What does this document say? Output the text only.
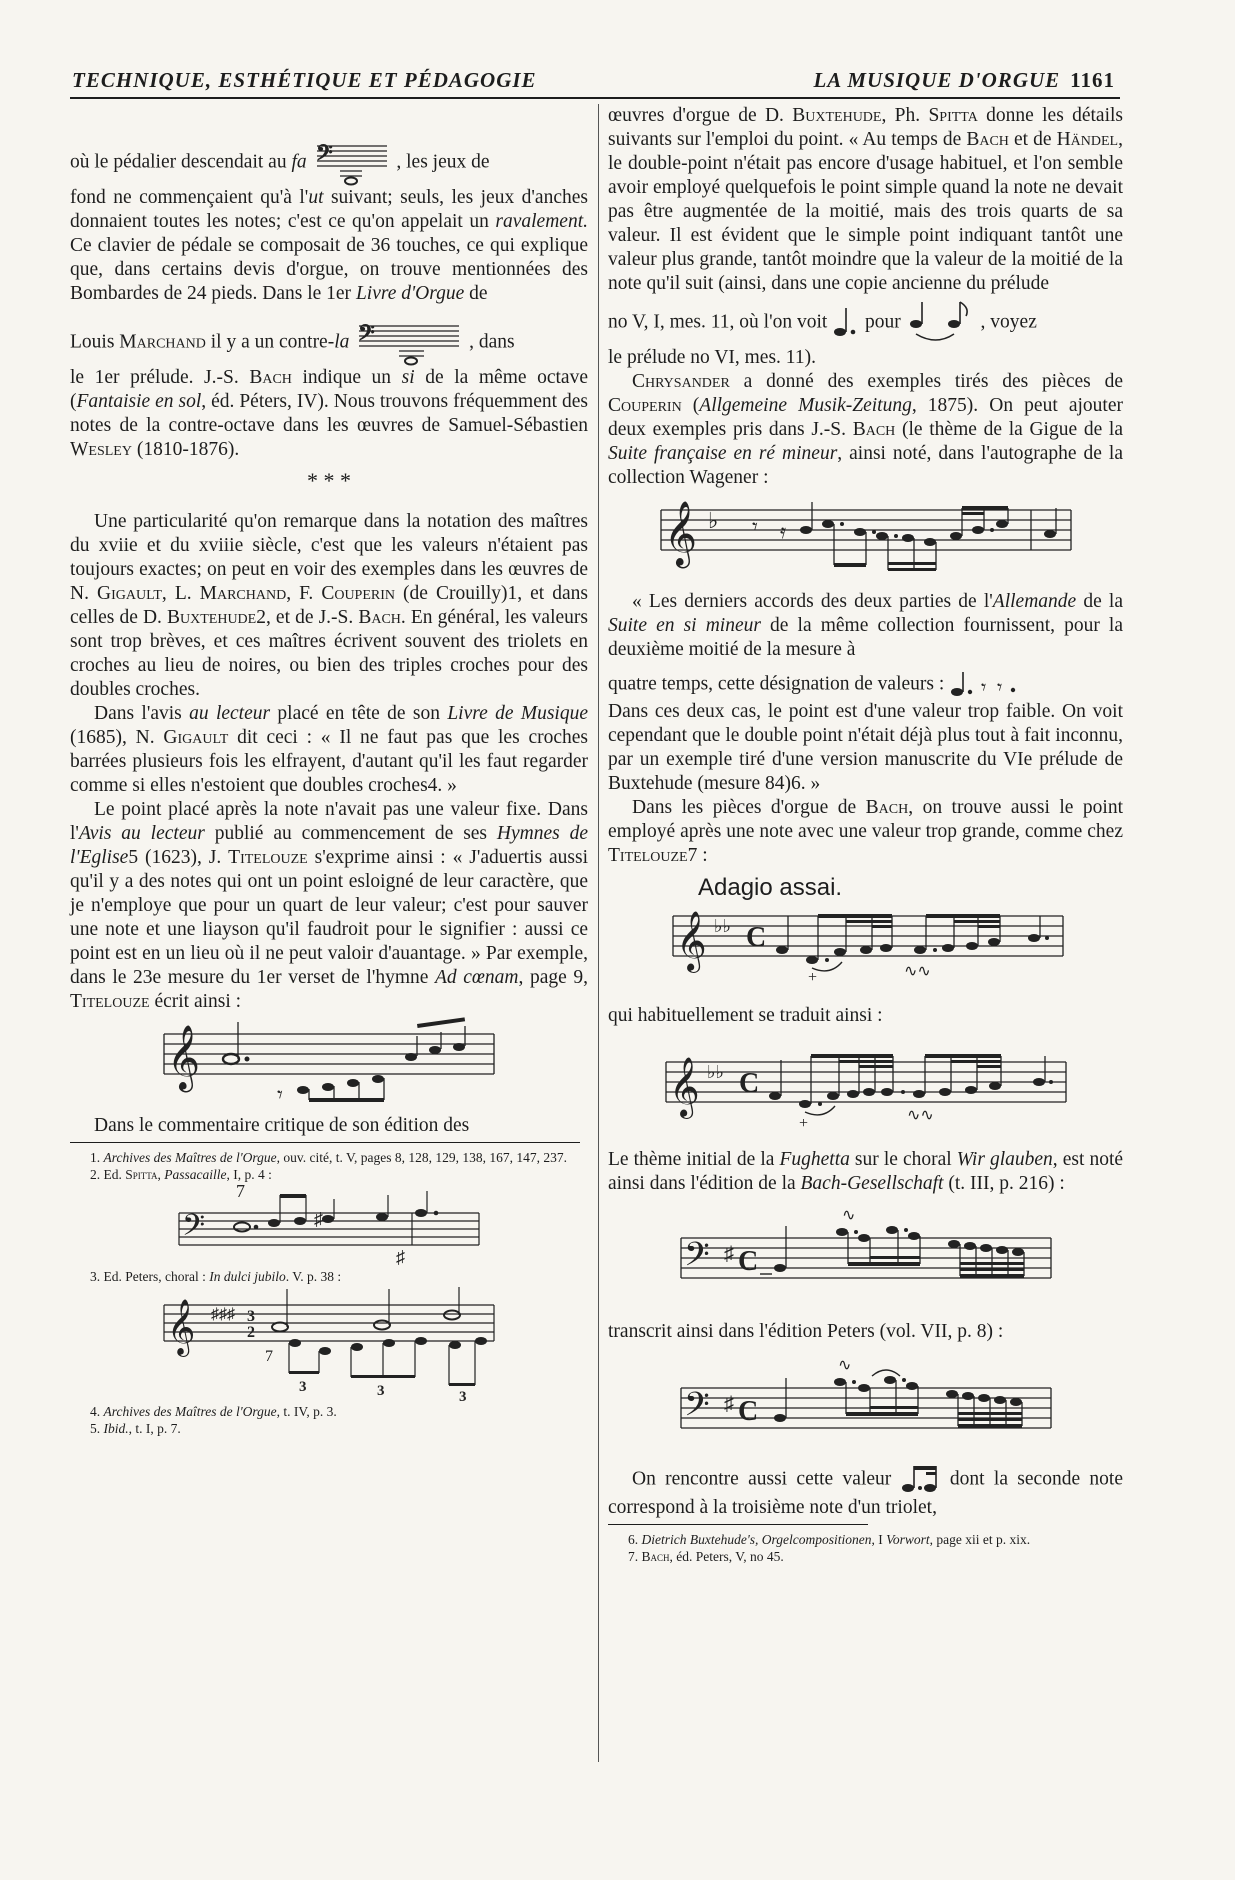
TECHNIQUE, ESTHÉTIQUE ET PÉDAGOGIE	LA MUSIQUE D'ORGUE 1161

où le pédalier descendait au fa 𝄢	, les jeux de

fond ne commençaient qu'à l'ut suivant; seuls, les jeux d'anches donnaient toutes les notes; c'est ce qu'on appelait un ravalement. Ce clavier de pédale se composait de 36 touches, ce qui explique que, dans certains devis d'orgue, on trouve mentionnées des Bombardes de 24 pieds. Dans le 1er Livre d'Orgue de

Louis Marchand il y a un contre-la 𝄢	, dans

le 1er prélude. J.-S. Bach indique un si de la même octave (Fantaisie en sol, éd. Péters, IV). Nous trouvons fréquemment des notes de la contre-octave dans les œuvres de Samuel-Sébastien Wesley (1810-1876).

* * *

Une particularité qu'on remarque dans la notation des maîtres du xviie et du xviiie siècle, c'est que les valeurs n'étaient pas toujours exactes; on peut en voir des exemples dans les œuvres de N. Gigault, L. Marchand, F. Couperin (de Crouilly)1, et dans celles de D. Buxtehude2, et de J.-S. Bach. En général, les valeurs sont trop brèves, et ces maîtres écrivent souvent des triolets en croches au lieu de noires, ou bien des triples croches pour des doubles croches.

Dans l'avis au lecteur placé en tête de son Livre de Musique (1685), N. Gigault dit ceci : « Il ne faut pas que les croches barrées plusieurs fois les elfrayent, d'autant qu'il les faut regarder comme si elles n'estoient que doubles croches4. »

Le point placé après la note n'avait pas une valeur fixe. Dans l'Avis au lecteur publié au commencement de ses Hymnes de l'Eglise5 (1623), J. Titelouze s'exprime ainsi : « J'aduertis aussi qu'il y a des notes qui ont un point esloigné de leur caractère, que je n'employe que pour un quart de leur valeur; c'est pour sauver une note et une liayson qu'il faudroit pour le signifier : aussi ce point est en un lieu où il ne peut valoir d'auantage. » Par exemple, dans le 23e mesure du 1er verset de l'hymne Ad cœnam, page 9, Titelouze écrit ainsi :

𝄞
𝄾

Dans le commentaire critique de son édition des

1. Archives des Maîtres de l'Orgue, ouv. cité, t. V, pages 8, 128, 129, 138, 167, 147, 237.

2. Ed. Spitta, Passacaille, I, p. 4 :

𝄢
7
♯
♯

3. Ed. Peters, choral : In dulci jubilo. V. p. 38 :

𝄞 ♯♯♯ 3
2
7
3	3	3

4. Archives des Maîtres de l'Orgue, t. IV, p. 3.

5. Ibid., t. I, p. 7.

œuvres d'orgue de D. Buxtehude, Ph. Spitta donne les détails suivants sur l'emploi du point. « Au temps de Bach et de Händel, le double-point n'était pas encore d'usage habituel, et l'on semble avoir employé quelquefois le point simple quand la note ne devait pas être augmentée de la moitié, mais des trois quarts de sa valeur. Il est évident que le simple point indiquant tantôt une valeur plus grande, tantôt moindre que la valeur de la moitié de la note qu'il suit (ainsi, dans une copie ancienne du prélude

no V, I, mes. 11, où l'on voit pour	, voyez

le prélude no VI, mes. 11).

Chrysander a donné des exemples tirés des pièces de Couperin (Allgemeine Musik-Zeitung, 1875). On peut ajouter deux exemples pris dans J.-S. Bach (le thème de la Gigue de la Suite française en ré mineur, ainsi noté, dans l'autographe de la collection Wagener :

𝄞 ♭ 𝄾 𝄿

« Les derniers accords des deux parties de l'Allemande de la Suite en si mineur de la même collection fournissent, pour la deuxième moitié de la mesure à

quatre temps, cette désignation de valeurs : 𝄾 𝄾

Dans ces deux cas, le point est d'une valeur trop faible. On voit cependant que le double point n'était déjà plus tout à fait inconnu, par un exemple tiré d'une version manuscrite du VIe prélude de Buxtehude (mesure 84)6. »

Dans les pièces d'orgue de Bach, on trouve aussi le point employé après une note avec une valeur trop grande, comme chez Titelouze7 :

Adagio assai.
𝄞 ♭♭ C
+	∿∿

qui habituellement se traduit ainsi :

𝄞 ♭♭ C
+	∿∿

Le thème initial de la Fughetta sur le choral Wir glauben, est noté ainsi dans l'édition de la Bach-Gesellschaft (t. III, p. 216) :

𝄢 ♯ C
∿

transcrit ainsi dans l'édition Peters (vol. VII, p. 8) :

𝄢 ♯ C
∿

On rencontre aussi cette valeur	dont la seconde note correspond à la troisième note d'un triolet,

6. Dietrich Buxtehude's, Orgelcompositionen, I Vorwort, page xii et p. xix.

7. Bach, éd. Peters, V, no 45.
